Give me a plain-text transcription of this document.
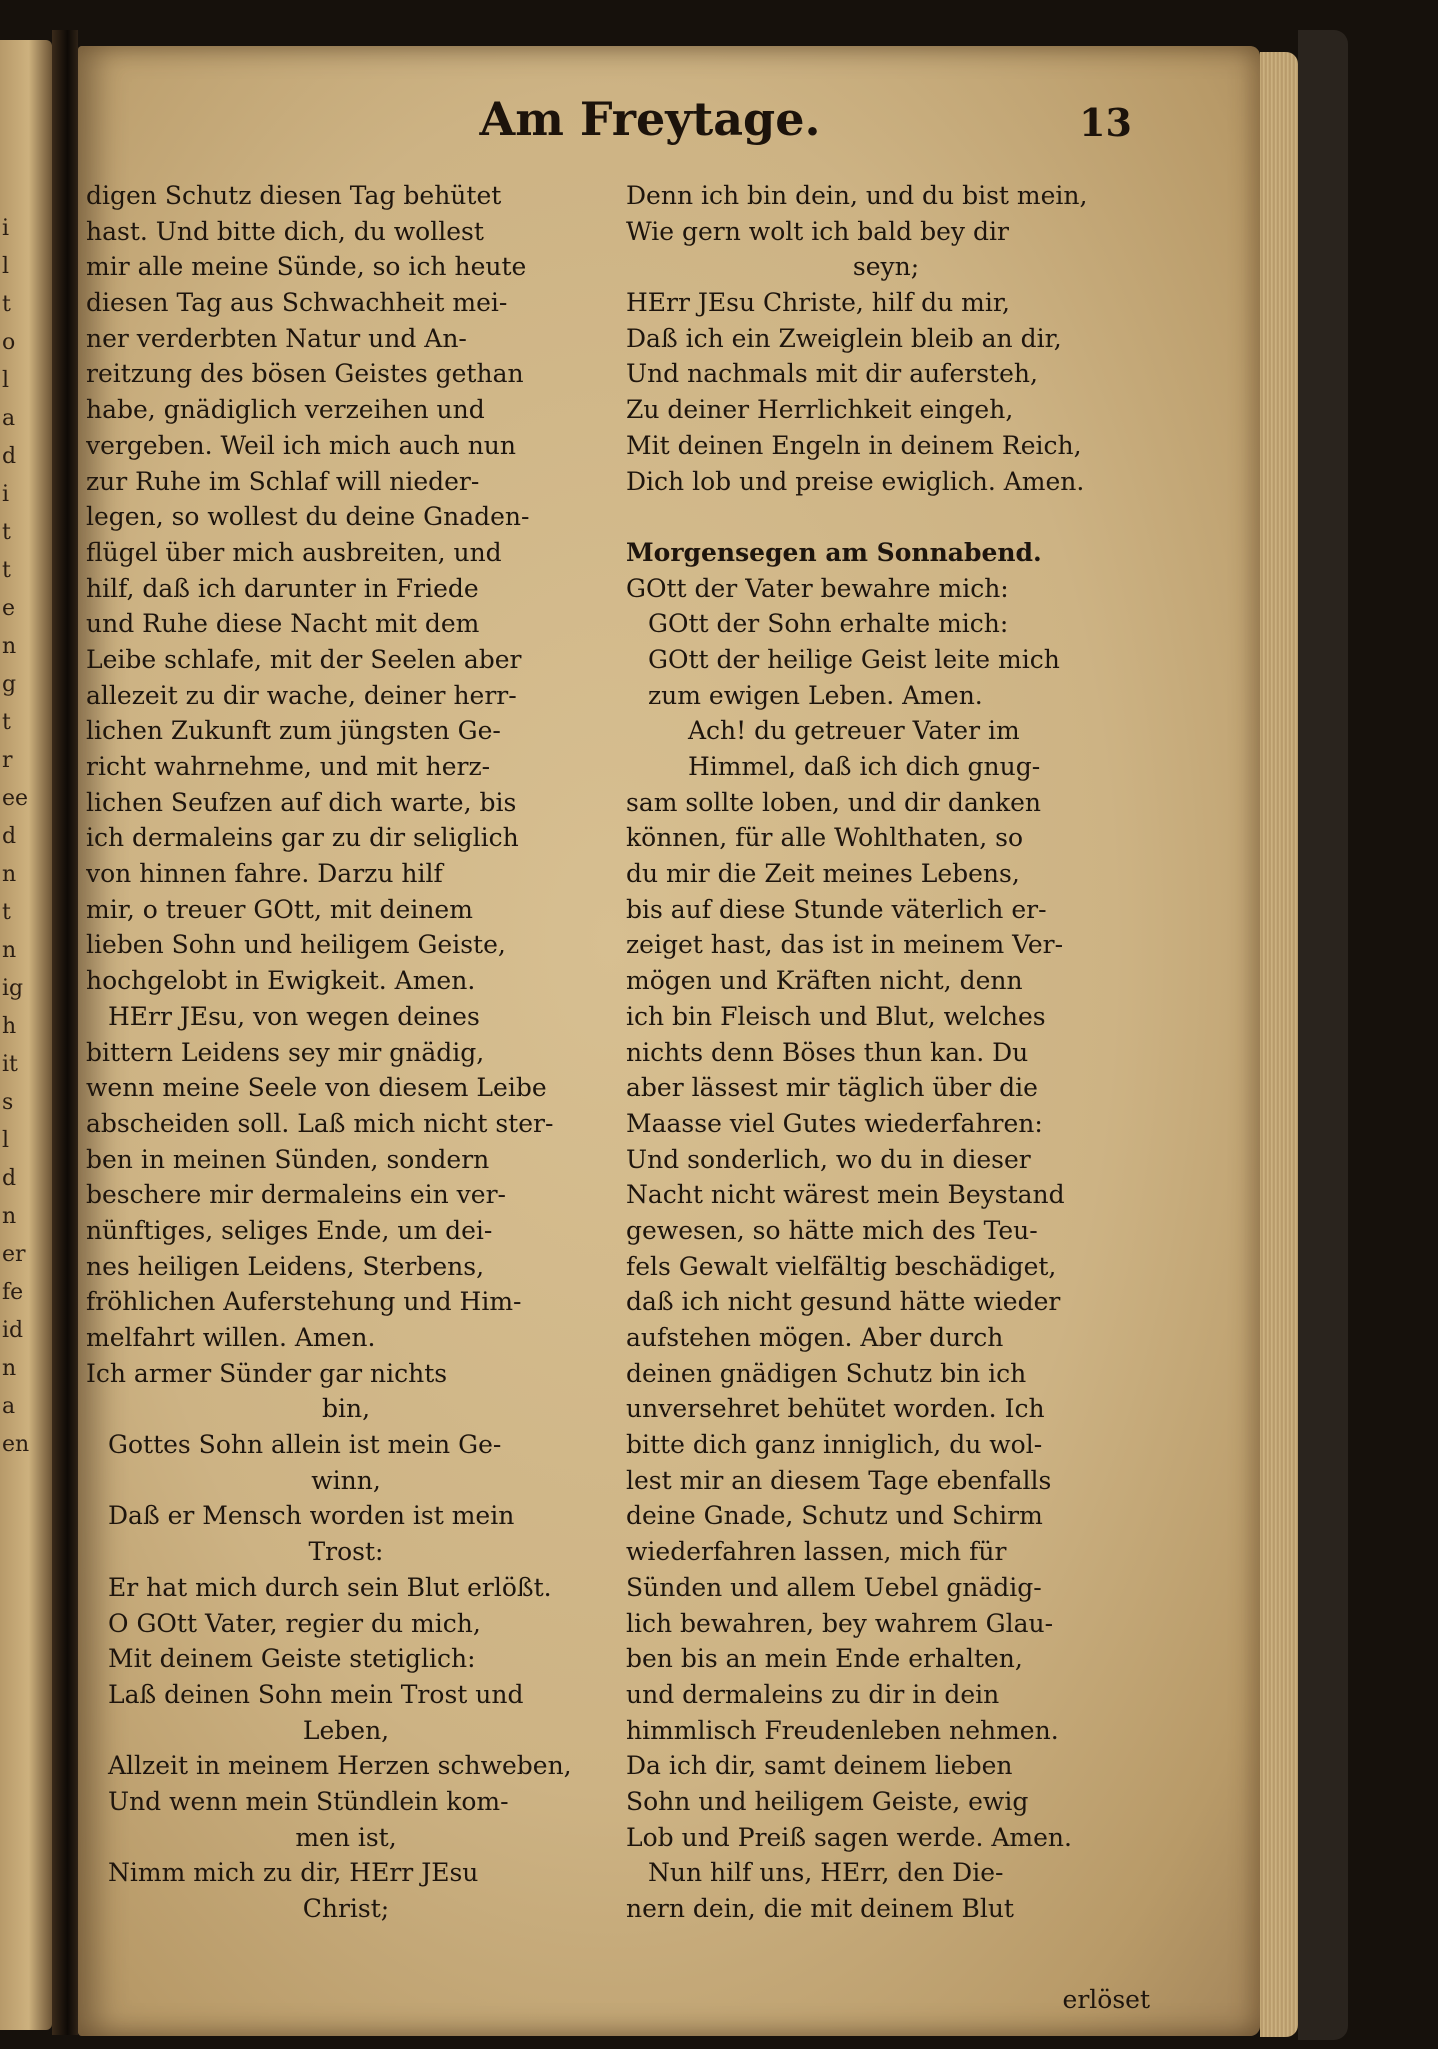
i
l
t
o
l
a
d
i
t
t
e
n
g
t
r
ee
d
n
t
n
ig
h
it
s
l
d
n
er
fe
id
n
a
en
Am Freytage.	13
digen Schutz diesen Tag behütet
hast. Und bitte dich, du wollest
mir alle meine Sünde, so ich heute
diesen Tag aus Schwachheit mei-
ner verderbten Natur und An-
reitzung des bösen Geistes gethan
habe, gnädiglich verzeihen und
vergeben. Weil ich mich auch nun
zur Ruhe im Schlaf will nieder-
legen, so wollest du deine Gnaden-
flügel über mich ausbreiten, und
hilf, daß ich darunter in Friede
und Ruhe diese Nacht mit dem
Leibe schlafe, mit der Seelen aber
allezeit zu dir wache, deiner herr-
lichen Zukunft zum jüngsten Ge-
richt wahrnehme, und mit herz-
lichen Seufzen auf dich warte, bis
ich dermaleins gar zu dir seliglich
von hinnen fahre. Darzu hilf
mir, o treuer GOtt, mit deinem
lieben Sohn und heiligem Geiste,
hochgelobt in Ewigkeit. Amen.
HErr JEsu, von wegen deines
bittern Leidens sey mir gnädig,
wenn meine Seele von diesem Leibe
abscheiden soll. Laß mich nicht ster-
ben in meinen Sünden, sondern
beschere mir dermaleins ein ver-
nünftiges, seliges Ende, um dei-
nes heiligen Leidens, Sterbens,
fröhlichen Auferstehung und Him-
melfahrt willen. Amen.
Ich armer Sünder gar nichts
bin,
Gottes Sohn allein ist mein Ge-
winn,
Daß er Mensch worden ist mein
Trost:
Er hat mich durch sein Blut erlößt.
O GOtt Vater, regier du mich,
Mit deinem Geiste stetiglich:
Laß deinen Sohn mein Trost und
Leben,
Allzeit in meinem Herzen schweben,
Und wenn mein Stündlein kom-
men ist,
Nimm mich zu dir, HErr JEsu
Christ;
Denn ich bin dein, und du bist mein,
Wie gern wolt ich bald bey dir
seyn;
HErr JEsu Christe, hilf du mir,
Daß ich ein Zweiglein bleib an dir,
Und nachmals mit dir aufersteh,
Zu deiner Herrlichkeit eingeh,
Mit deinen Engeln in deinem Reich,
Dich lob und preise ewiglich. Amen.
Morgensegen am Sonnabend.
GOtt der Vater bewahre mich:
GOtt der Sohn erhalte mich:
GOtt der heilige Geist leite mich
zum ewigen Leben. Amen.
Ach! du getreuer Vater im
Himmel, daß ich dich gnug-
sam sollte loben, und dir danken
können, für alle Wohlthaten, so
du mir die Zeit meines Lebens,
bis auf diese Stunde väterlich er-
zeiget hast, das ist in meinem Ver-
mögen und Kräften nicht, denn
ich bin Fleisch und Blut, welches
nichts denn Böses thun kan. Du
aber lässest mir täglich über die
Maasse viel Gutes wiederfahren:
Und sonderlich, wo du in dieser
Nacht nicht wärest mein Beystand
gewesen, so hätte mich des Teu-
fels Gewalt vielfältig beschädiget,
daß ich nicht gesund hätte wieder
aufstehen mögen. Aber durch
deinen gnädigen Schutz bin ich
unversehret behütet worden. Ich
bitte dich ganz inniglich, du wol-
lest mir an diesem Tage ebenfalls
deine Gnade, Schutz und Schirm
wiederfahren lassen, mich für
Sünden und allem Uebel gnädig-
lich bewahren, bey wahrem Glau-
ben bis an mein Ende erhalten,
und dermaleins zu dir in dein
himmlisch Freudenleben nehmen.
Da ich dir, samt deinem lieben
Sohn und heiligem Geiste, ewig
Lob und Preiß sagen werde. Amen.
Nun hilf uns, HErr, den Die-
nern dein, die mit deinem Blut
erlöset
